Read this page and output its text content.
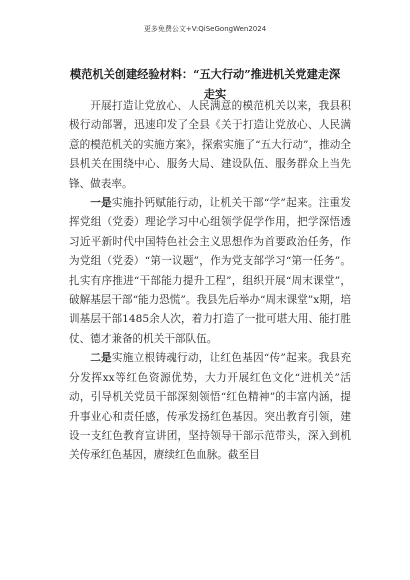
更多免费公文+V:QiSeGongWen2024
模范机关创建经验材料：“五大行动”推进机关党建走深
走实

开展打造让党放心、人民满意的模范机关以来，我县积极行动部署，迅速印发了全县《关于打造让党放心、人民满意的模范机关的实施方案》，探索实施了“五大行动”，推动全县机关在围绕中心、服务大局、建设队伍、服务群众上当先锋、做表率。

一是实施扑钙赋能行动，让机关干部“学”起来。注重发挥党组（党委）理论学习中心组领学促学作用，把学深悟透习近平新时代中国特色社会主义思想作为首要政治任务，作为党组（党委）“第一议题”，作为党支部学习“第一任务”。扎实有序推进“干部能力提升工程”，组织开展“周末课堂”，破解基层干部“能力恐慌”。我县先后举办“周末课堂”x期，培训基层干部1485余人次，着力打造了一批可堪大用、能打胜仗、德才兼备的机关干部队伍。

二是实施立根铸魂行动，让红色基因“传”起来。我县充分发挥xx等红色资源优势，大力开展红色文化“进机关”活动，引导机关党员干部深刻领悟“红色精神”的丰富内涵，提升事业心和责任感，传承发扬红色基因。突出教育引领，建设一支红色教育宣讲团，坚持领导干部示范带头，深入到机关传承红色基因，赓续红色血脉。截至目
